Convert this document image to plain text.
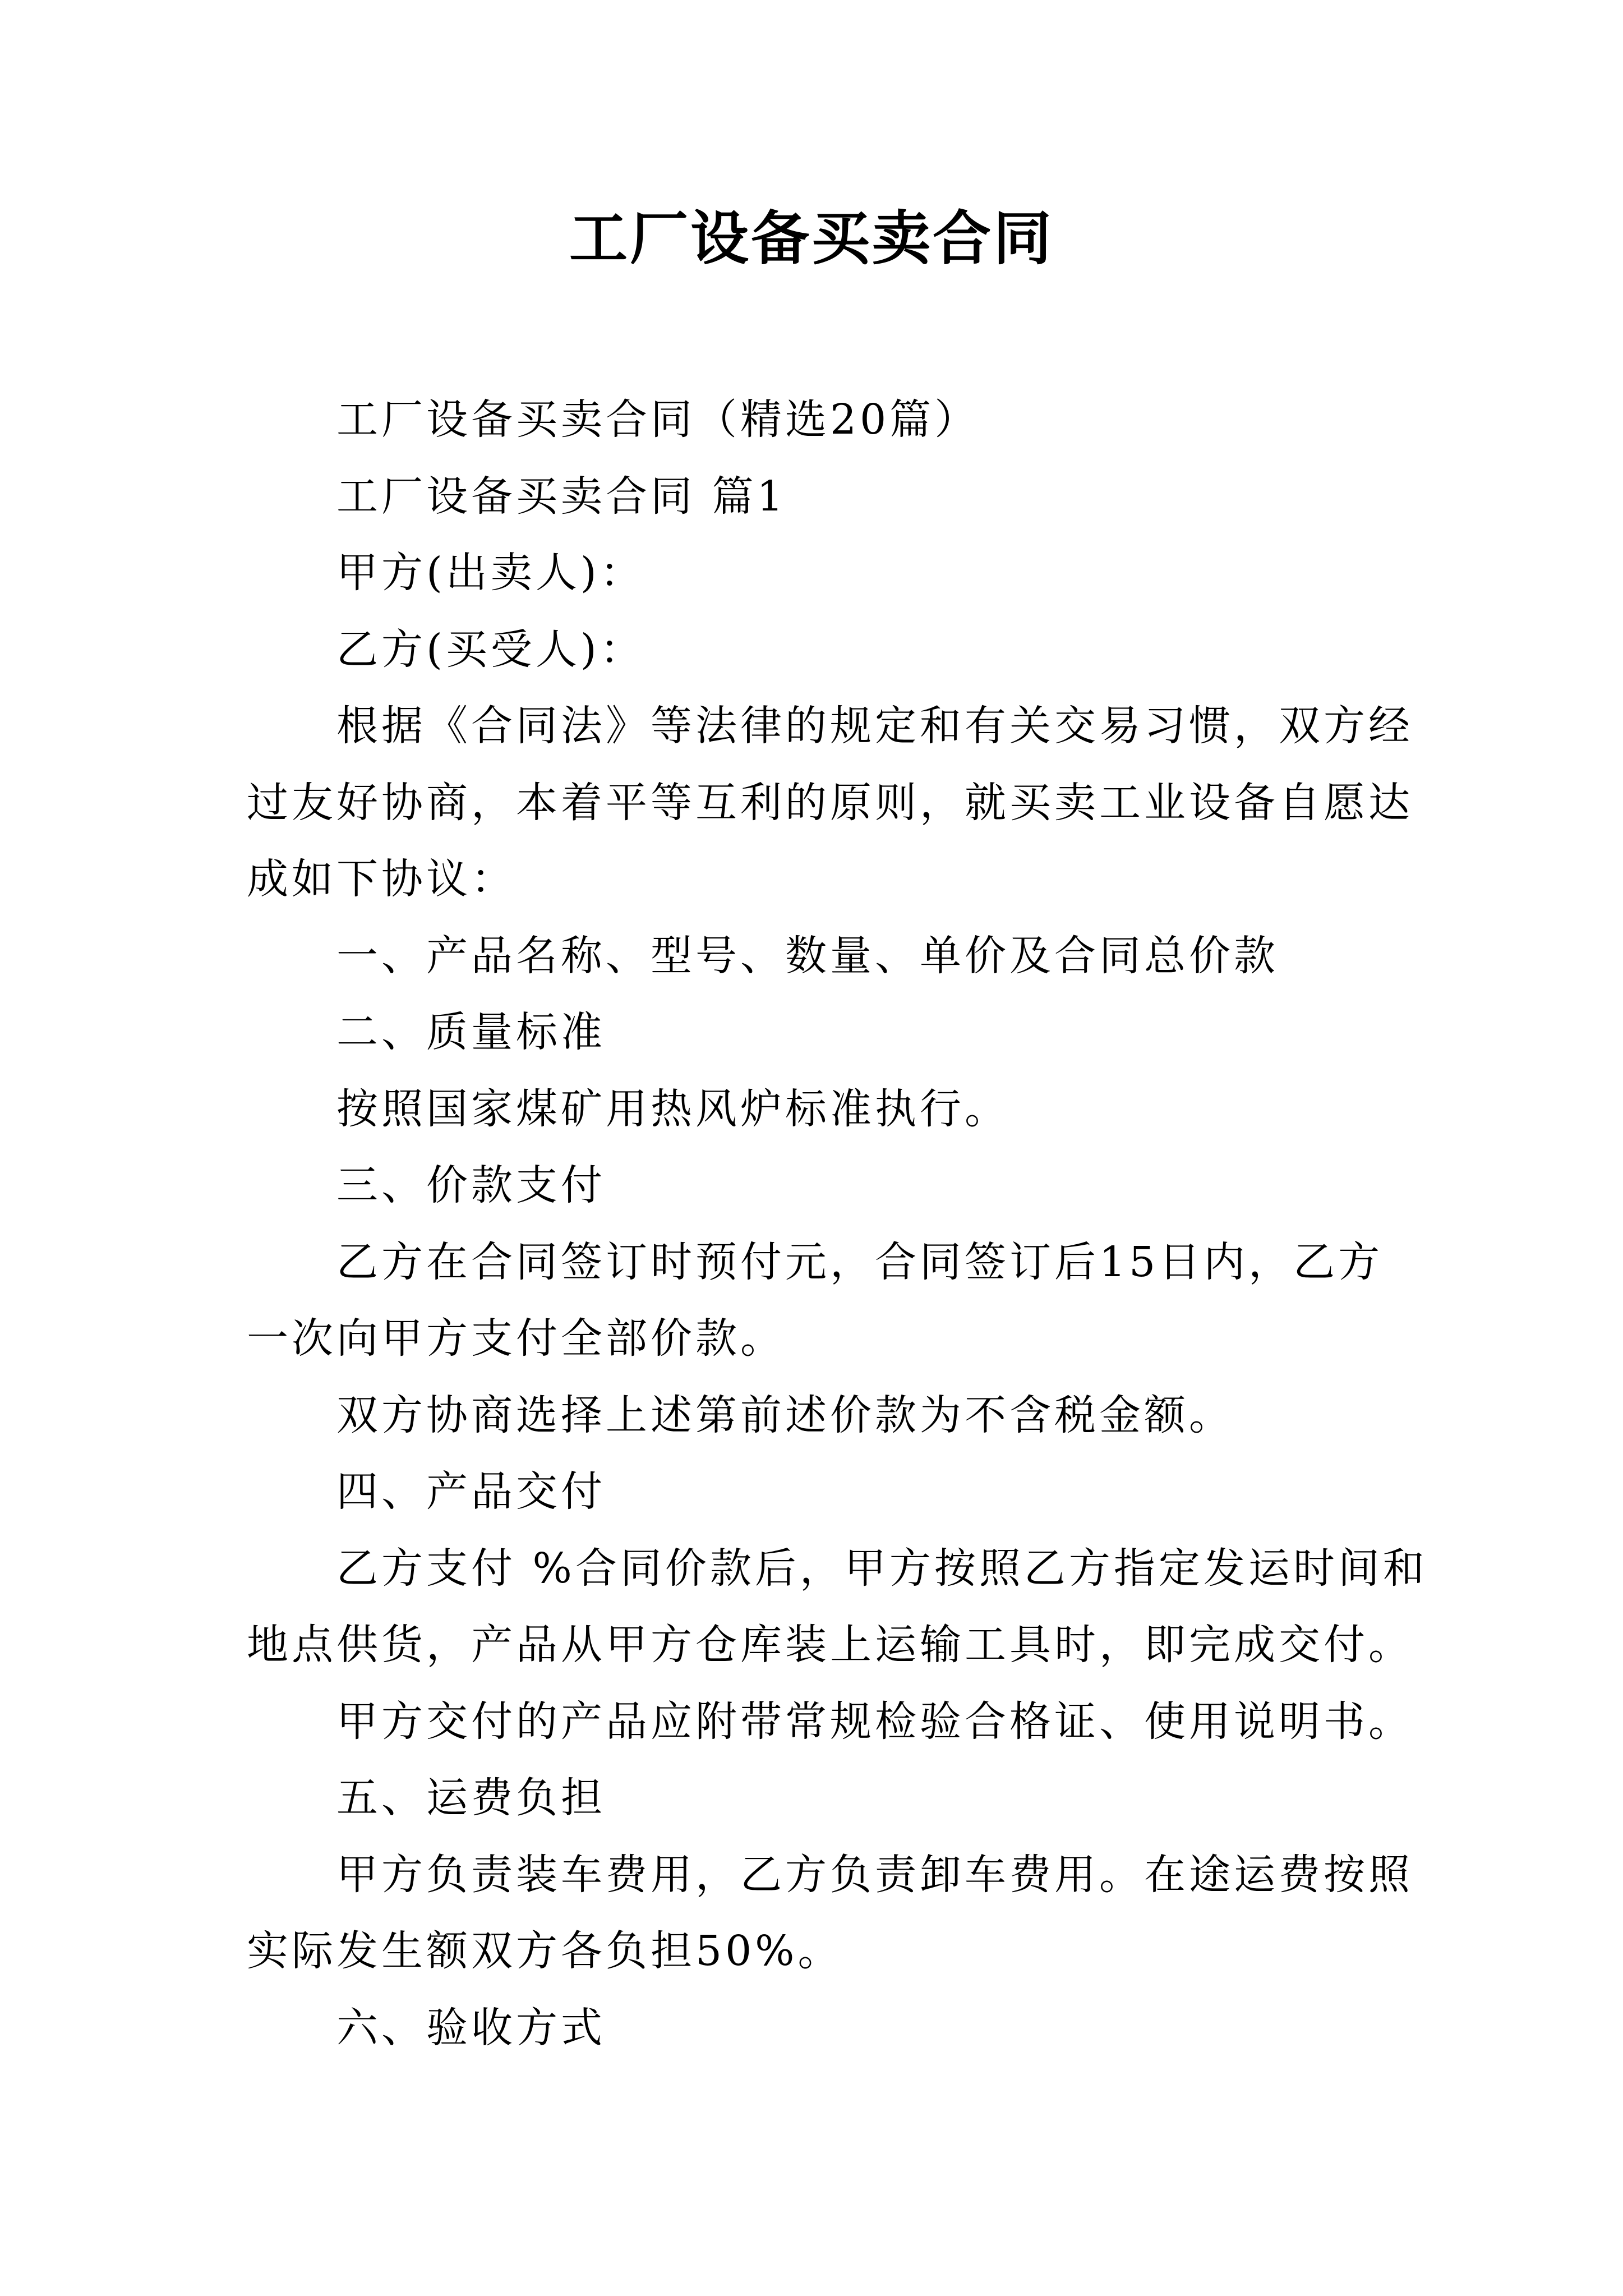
工厂设备买卖合同
工厂设备买卖合同（精选20篇）
工厂设备买卖合同 篇1
甲方(出卖人)：
乙方(买受人)：
根据《合同法》等法律的规定和有关交易习惯，双方经
过友好协商，本着平等互利的原则，就买卖工业设备自愿达
成如下协议：
一、产品名称、型号、数量、单价及合同总价款
二、质量标准
按照国家煤矿用热风炉标准执行。
三、价款支付
乙方在合同签订时预付元，合同签订后15日内，乙方
一次向甲方支付全部价款。
双方协商选择上述第前述价款为不含税金额。
四、产品交付
乙方支付 %合同价款后，甲方按照乙方指定发运时间和
地点供货，产品从甲方仓库装上运输工具时，即完成交付。
甲方交付的产品应附带常规检验合格证、使用说明书。
五、运费负担
甲方负责装车费用，乙方负责卸车费用。在途运费按照
实际发生额双方各负担50%。
六、验收方式
